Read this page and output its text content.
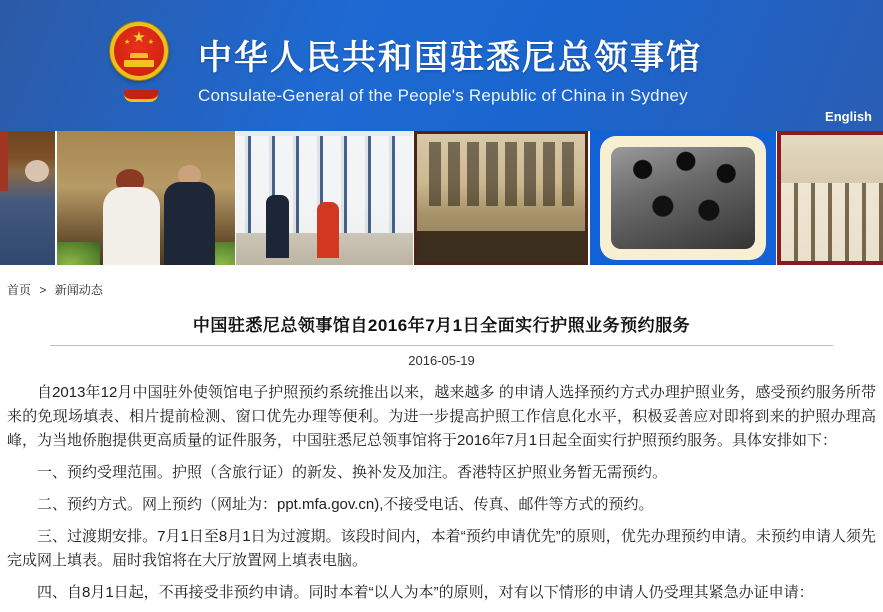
★
★ ★ 中华人民共和国驻悉尼总领事馆
Consulate-General of the People's Republic of China in Sydney
English
首页 > 新闻动态
中国驻悉尼总领事馆自2016年7月1日全面实行护照业务预约服务
2016-05-19

自2013年12月中国驻外使领馆电子护照预约系统推出以来，越来越多 的申请人选择预约方式办理护照业务，感受预约服务所带来的免现场填表、相片提前检测、窗口优先办理等便利。为进一步提高护照工作信息化水平，积极妥善应对即将到来的护照办理高峰，为当地侨胞提供更高质量的证件服务，中国驻悉尼总领事馆将于2016年7月1日起全面实行护照预约服务。具体安排如下：

一、预约受理范围。护照（含旅行证）的新发、换补发及加注。香港特区护照业务暂无需预约。

二、预约方式。网上预约（网址为：ppt.mfa.gov.cn),不接受电话、传真、邮件等方式的预约。

三、过渡期安排。7月1日至8月1日为过渡期。该段时间内，本着“预约申请优先”的原则，优先办理预约申请。未预约申请人须先完成网上填表。届时我馆将在大厅放置网上填表电脑。

四、自8月1日起，不再接受非预约申请。同时本着“以人为本”的原则，对有以下情形的申请人仍受理其紧急办证申请：
